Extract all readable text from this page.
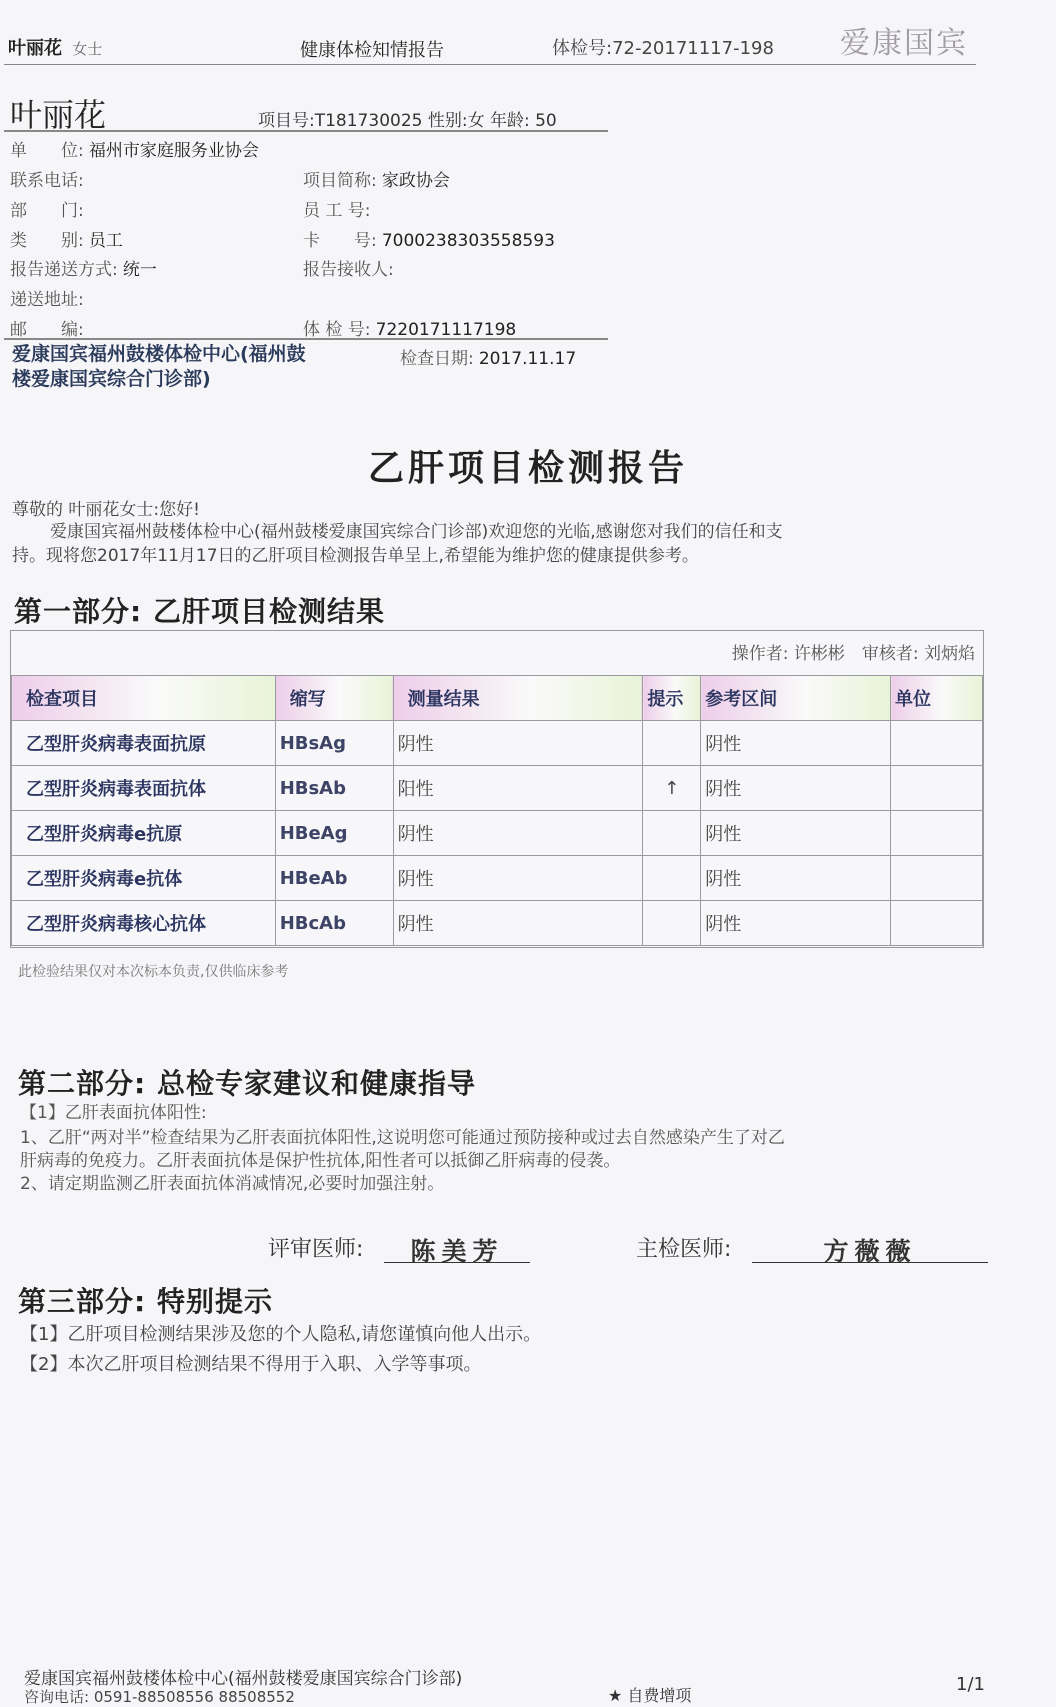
叶丽花 女士	健康体检知情报告	体检号:72-20171117-198 爱康国宾
叶丽花	项目号:T181730025 性别:女 年龄: 50
单　　位: 福州市家庭服务业协会
联系电话:
部　　门:
类　　别: 员工
报告递送方式: 统一
递送地址:
邮　　编:
项目简称: 家政协会
员 工 号:
卡　　号: 7000238303558593
报告接收人:
体 检 号: 7220171117198
检查日期: 2017.11.17
爱康国宾福州鼓楼体检中心(福州鼓楼爱康国宾综合门诊部)
乙肝项目检测报告
尊敬的 叶丽花女士:您好!
爱康国宾福州鼓楼体检中心(福州鼓楼爱康国宾综合门诊部)欢迎您的光临,感谢您对我们的信任和支
持。现将您2017年11月17日的乙肝项目检测报告单呈上,希望能为维护您的健康提供参考。
第一部分: 乙肝项目检测结果
操作者: 许彬彬　审核者: 刘炳焰
检查项目	缩写	测量结果	提示	参考区间	单位
乙型肝炎病毒表面抗原	HBsAg	阴性		阴性	
乙型肝炎病毒表面抗体	HBsAb	阳性	↑	阴性	
乙型肝炎病毒e抗原	HBeAg	阴性		阴性	
乙型肝炎病毒e抗体	HBeAb	阴性		阴性	
乙型肝炎病毒核心抗体	HBcAb	阴性		阴性	
此检验结果仅对本次标本负责,仅供临床参考
第二部分: 总检专家建议和健康指导
【1】乙肝表面抗体阳性:
1、乙肝“两对半”检查结果为乙肝表面抗体阳性,这说明您可能通过预防接种或过去自然感染产生了对乙
肝病毒的免疫力。乙肝表面抗体是保护性抗体,阳性者可以抵御乙肝病毒的侵袭。
2、请定期监测乙肝表面抗体消减情况,必要时加强注射。
评审医师:	陈美芳	主检医师:	方薇薇
第三部分: 特别提示
【1】乙肝项目检测结果涉及您的个人隐私,请您谨慎向他人出示。
【2】本次乙肝项目检测结果不得用于入职、入学等事项。
爱康国宾福州鼓楼体检中心(福州鼓楼爱康国宾综合门诊部)
咨询电话: 0591-88508556 88508552	★ 自费增项
1/1
